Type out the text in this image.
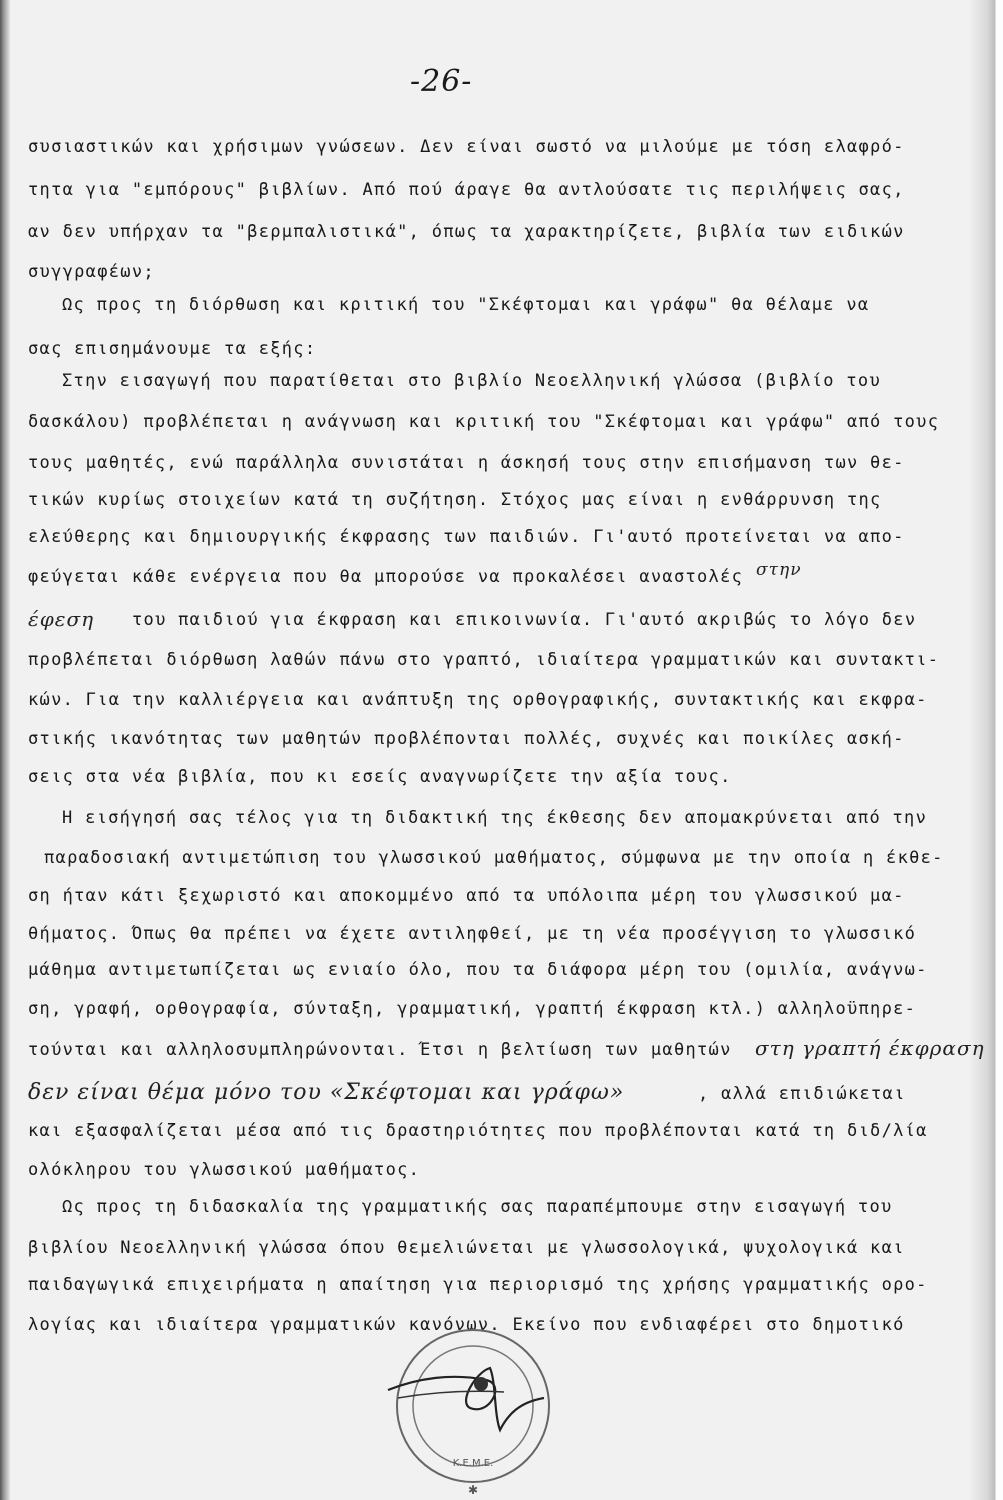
-26-
συσιαστικών και χρήσιμων γνώσεων. Δεν είναι σωστό να μιλούμε με τόση ελαφρό-
τητα για "εμπόρους" βιβλίων. Από πού άραγε θα αντλούσατε τις περιλήψεις σας,
αν δεν υπήρχαν τα "βερμπαλιστικά", όπως τα χαρακτηρίζετε, βιβλία των ειδικών
συγγραφέων;
Ως προς τη διόρθωση και κριτική του "Σκέφτομαι και γράφω" θα θέλαμε να
σας επισημάνουμε τα εξής:
Στην εισαγωγή που παρατίθεται στο βιβλίο Νεοελληνική γλώσσα (βιβλίο του
δασκάλου) προβλέπεται η ανάγνωση και κριτική του "Σκέφτομαι και γράφω" από τους
τους μαθητές, ενώ παράλληλα συνιστάται η άσκησή τους στην επισήμανση των θε-
τικών κυρίως στοιχείων κατά τη συζήτηση. Στόχος μας είναι η ενθάρρυνση της
ελεύθερης και δημιουργικής έκφρασης των παιδιών. Γι'αυτό προτείνεται να απο-
φεύγεται κάθε ενέργεια που θα μπορούσε να προκαλέσει αναστολές στην
έφεση του παιδιού για έκφραση και επικοινωνία. Γι'αυτό ακριβώς το λόγο δεν
προβλέπεται διόρθωση λαθών πάνω στο γραπτό, ιδιαίτερα γραμματικών και συντακτι-
κών. Για την καλλιέργεια και ανάπτυξη της ορθογραφικής, συντακτικής και εκφρα-
στικής ικανότητας των μαθητών προβλέπονται πολλές, συχνές και ποικίλες ασκή-
σεις στα νέα βιβλία, που κι εσείς αναγνωρίζετε την αξία τους.
Η εισήγησή σας τέλος για τη διδακτική της έκθεσης δεν απομακρύνεται από την
παραδοσιακή αντιμετώπιση του γλωσσικού μαθήματος, σύμφωνα με την οποία η έκθε-
ση ήταν κάτι ξεχωριστό και αποκομμένο από τα υπόλοιπα μέρη του γλωσσικού μα-
θήματος. Όπως θα πρέπει να έχετε αντιληφθεί, με τη νέα προσέγγιση το γλωσσικό
μάθημα αντιμετωπίζεται ως ενιαίο όλο, που τα διάφορα μέρη του (ομιλία, ανάγνω-
ση, γραφή, ορθογραφία, σύνταξη, γραμματική, γραπτή έκφραση κτλ.) αλληλοϋπηρε-
τούνται και αλληλοσυμπληρώνονται. Έτσι η βελτίωση των μαθητών στη γραπτή έκφραση
δεν είναι θέμα μόνο του «Σκέφτομαι και γράφω»	, αλλά επιδιώκεται
και εξασφαλίζεται μέσα από τις δραστηριότητες που προβλέπονται κατά τη διδ/λία
ολόκληρου του γλωσσικού μαθήματος.
Ως προς τη διδασκαλία της γραμματικής σας παραπέμπουμε στην εισαγωγή του
βιβλίου Νεοελληνική γλώσσα όπου θεμελιώνεται με γλωσσολογικά, ψυχολογικά και
παιδαγωγικά επιχειρήματα η απαίτηση για περιορισμό της χρήσης γραμματικής ορο-
λογίας και ιδιαίτερα γραμματικών κανόνων. Εκείνο που ενδιαφέρει στο δημοτικό
Κ.Ε.Μ.Ε.
✱
